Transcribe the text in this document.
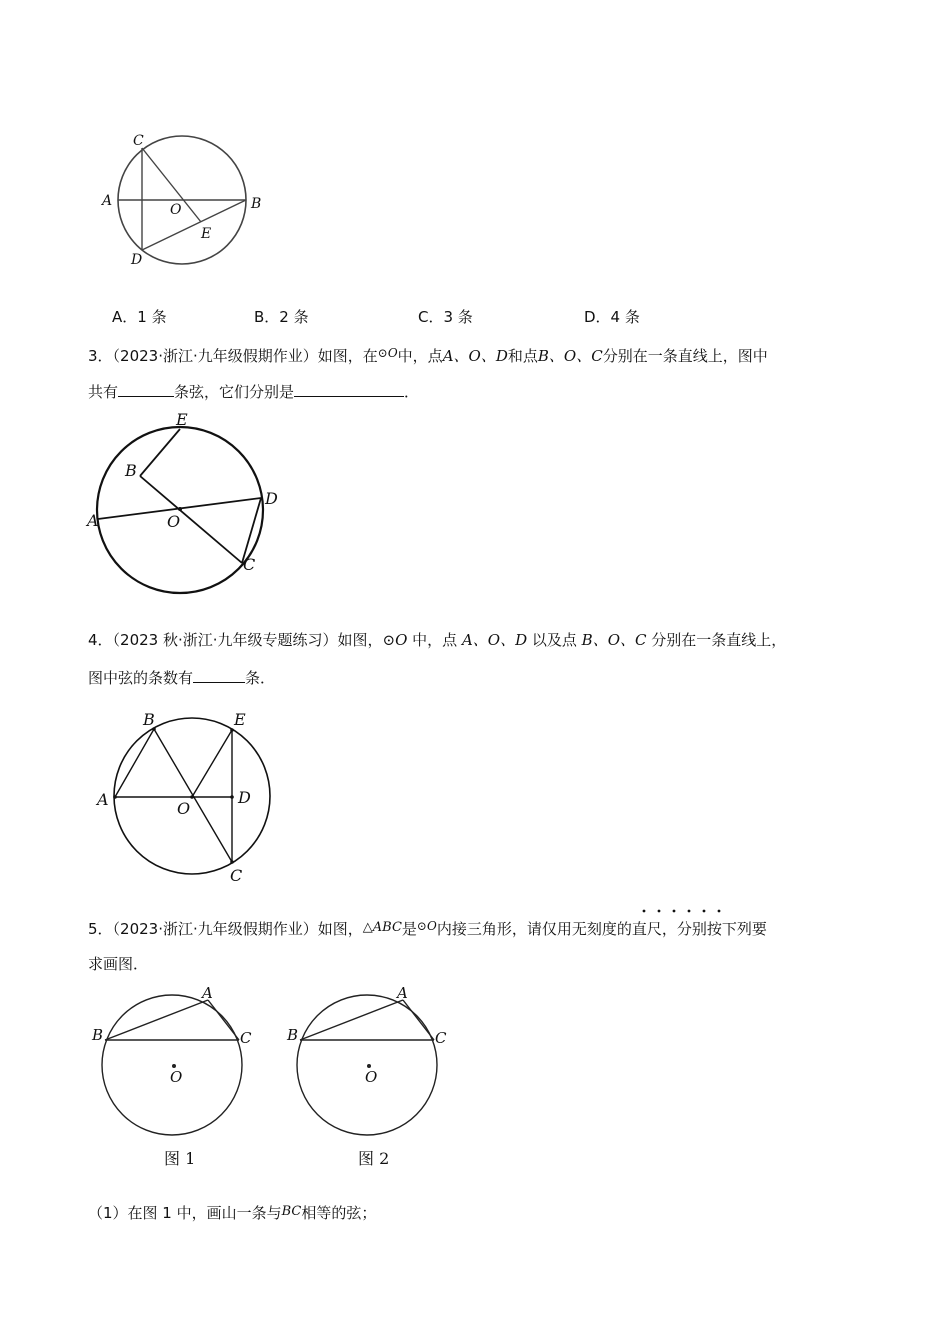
C
A
O	B
E
D
A．1 条	B．2 条	C．3 条	D．4 条
3．（2023·浙江·九年级假期作业）如图，在$^{⊙O}$中，点A、O、D和点B、O、C分别在一条直线上，图中
共有	条弦，它们分别是	．
E
B
D
A	O
C
4．（2023 秋·浙江·九年级专题练习）如图，⊙O 中，点 A、O、D 以及点 B、O、C 分别在一条直线上，
图中弦的条数有	条．
B	E
A	O
D
C
5．（2023·浙江·九年级假期作业）如图，△ABC是$^{⊙O}$内接三角形，请仅用无刻度的直尺，分别按下列要
求画图．
A
B	C
O
图 1
A
B	C
O
图 2
（1）在图 1 中，画山一条与BC相等的弦；
